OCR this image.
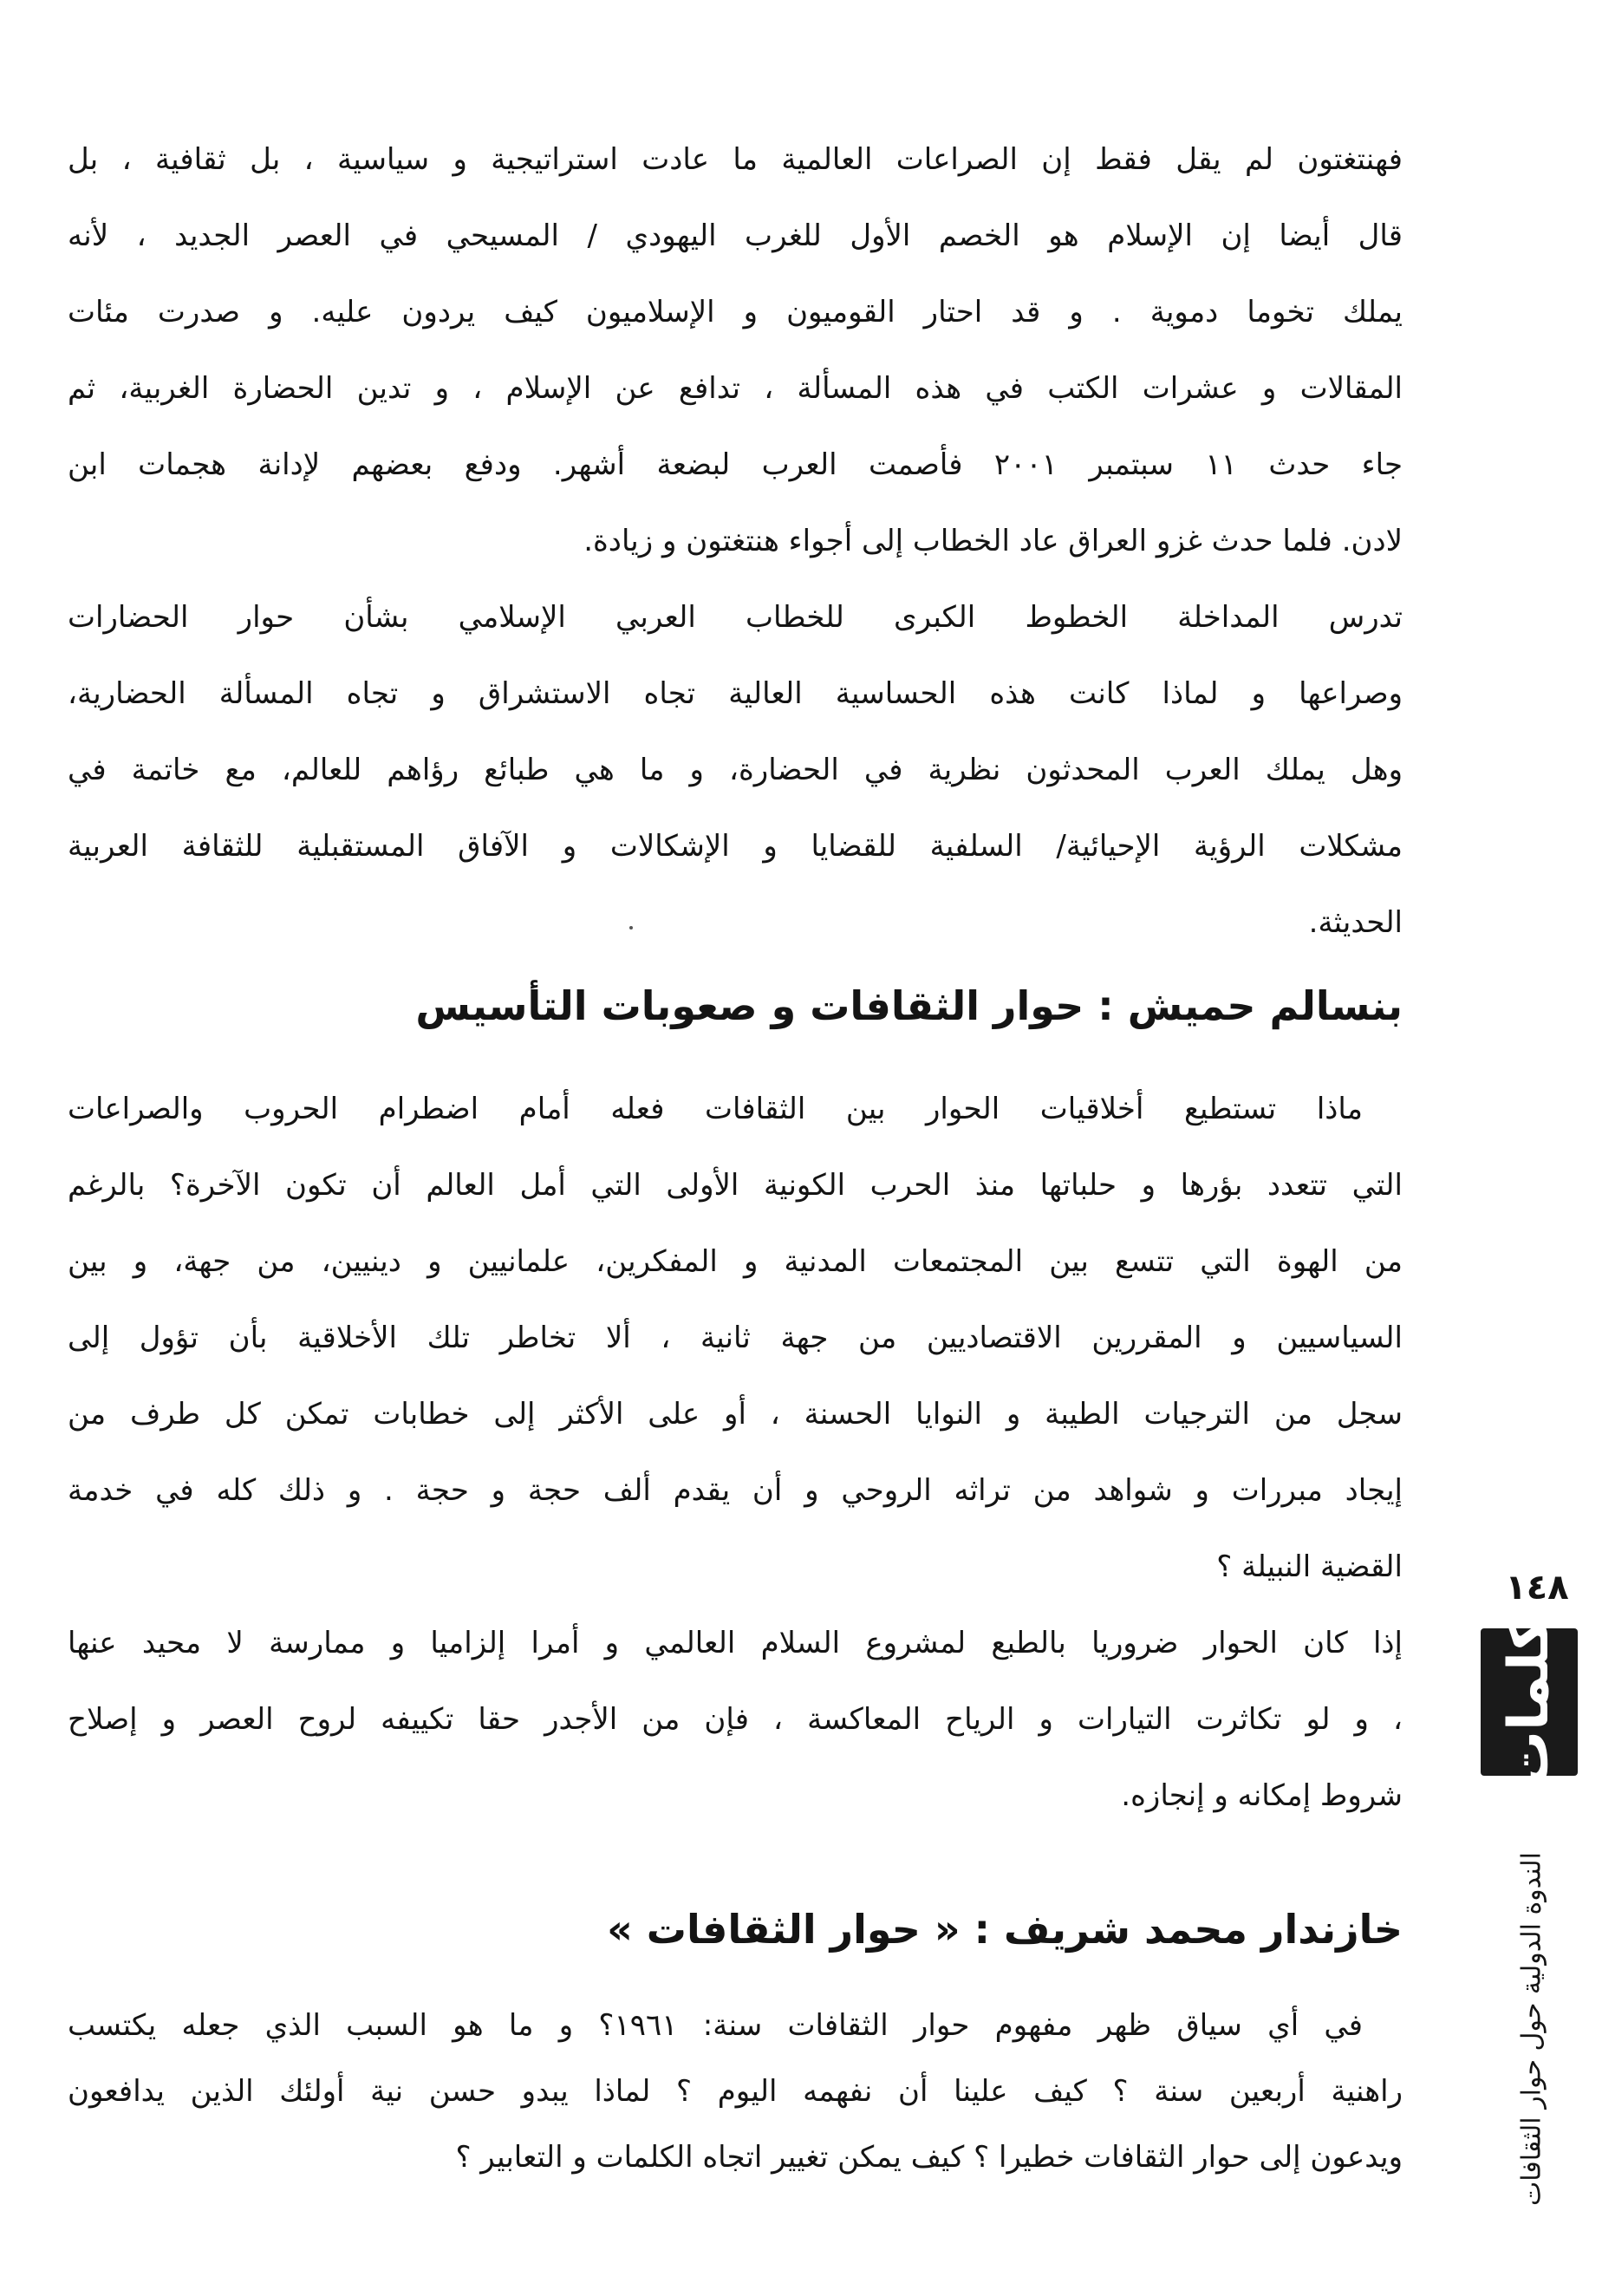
فهنتغتون لم يقل فقط إن الصراعات العالمية ما عادت استراتيجية و سياسية ، بل ثقافية ، بل
قال أيضا إن الإسلام هو الخصم الأول للغرب اليهودي / المسيحي في العصر الجديد ، لأنه
يملك تخوما دموية . و قد احتار القوميون و الإسلاميون كيف يردون عليه. و صدرت مئات
المقالات و عشرات الكتب في هذه المسألة ، تدافع عن الإسلام ، و تدين الحضارة الغربية، ثم
جاء حدث ١١ سبتمبر ٢٠٠١ فأصمت العرب لبضعة أشهر. ودفع بعضهم لإدانة هجمات ابن
لادن. فلما حدث غزو العراق عاد الخطاب إلى أجواء هنتغتون و زيادة.
تدرس المداخلة الخطوط الكبرى للخطاب العربي الإسلامي بشأن حوار الحضارات
وصراعها و لماذا كانت هذه الحساسية العالية تجاه الاستشراق و تجاه المسألة الحضارية،
وهل يملك العرب المحدثون نظرية في الحضارة، و ما هي طبائع رؤاهم للعالم، مع خاتمة في
مشكلات الرؤية الإحيائية/ السلفية للقضايا و الإشكالات و الآفاق المستقبلية للثقافة العربية
الحديثة.
بنسالم حميش : حوار الثقافات و صعوبات التأسيس
ماذا تستطيع أخلاقيات الحوار بين الثقافات فعله أمام اضطرام الحروب والصراعات
التي تتعدد بؤرها و حلباتها منذ الحرب الكونية الأولى التي أمل العالم أن تكون الآخرة؟ بالرغم
من الهوة التي تتسع بين المجتمعات المدنية و المفكرين، علمانيين و دينيين، من جهة، و بين
السياسيين و المقررين الاقتصاديين من جهة ثانية ، ألا تخاطر تلك الأخلاقية بأن تؤول إلى
سجل من الترجيات الطيبة و النوايا الحسنة ، أو على الأكثر إلى خطابات تمكن كل طرف من
إيجاد مبررات و شواهد من تراثه الروحي و أن يقدم ألف حجة و حجة . و ذلك كله في خدمة
القضية النبيلة ؟
إذا كان الحوار ضروريا بالطبع لمشروع السلام العالمي و أمرا إلزاميا و ممارسة لا محيد عنها
، و لو تكاثرت التيارات و الرياح المعاكسة ، فإن من الأجدر حقا تكييفه لروح العصر و إصلاح
شروط إمكانه و إنجازه.
خازندار محمد شريف : « حوار الثقافات »
في أي سياق ظهر مفهوم حوار الثقافات سنة: ١٩٦١؟ و ما هو السبب الذي جعله يكتسب
راهنية أربعين سنة ؟ كيف علينا أن نفهمه اليوم ؟ لماذا يبدو حسن نية أولئك الذين يدافعون
ويدعون إلى حوار الثقافات خطيرا ؟ كيف يمكن تغيير اتجاه الكلمات و التعابير ؟
١٤٨
كلمات
الندوة الدولية حول حوار الثقافات
